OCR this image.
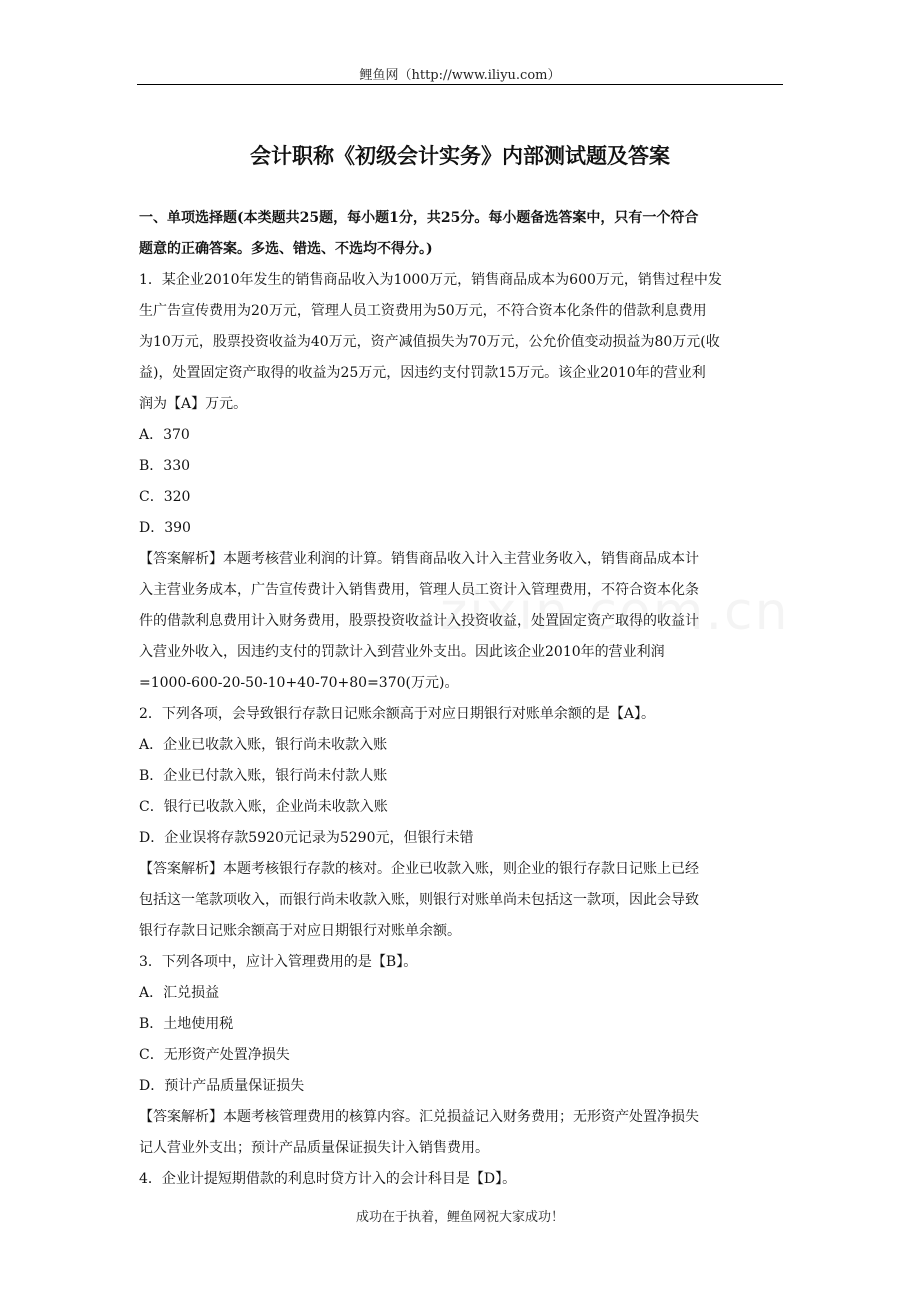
鲤鱼网（http://www.iliyu.com）
会计职称《初级会计实务》内部测试题及答案
一、单项选择题(本类题共25题，每小题1分，共25分。每小题备选答案中，只有一个符合
题意的正确答案。多选、错选、不选均不得分。)
1．某企业2010年发生的销售商品收入为1000万元，销售商品成本为600万元，销售过程中发
生广告宣传费用为20万元，管理人员工资费用为50万元，不符合资本化条件的借款利息费用
为10万元，股票投资收益为40万元，资产减值损失为70万元，公允价值变动损益为80万元(收
益)，处置固定资产取得的收益为25万元，因违约支付罚款15万元。该企业2010年的营业利
润为【A】万元。
A．370
B．330
C．320
D．390
【答案解析】本题考核营业利润的计算。销售商品收入计入主营业务收入，销售商品成本计
入主营业务成本，广告宣传费计入销售费用，管理人员工资计入管理费用，不符合资本化条
件的借款利息费用计入财务费用，股票投资收益计入投资收益，处置固定资产取得的收益计
入营业外收入，因违约支付的罚款计入到营业外支出。因此该企业2010年的营业利润
=1000-600-20-50-10+40-70+80=370(万元)。
2．下列各项，会导致银行存款日记账余额高于对应日期银行对账单余额的是【A】。
A．企业已收款入账，银行尚未收款入账
B．企业已付款入账，银行尚未付款人账
C．银行已收款入账，企业尚未收款入账
D．企业误将存款5920元记录为5290元，但银行未错
【答案解析】本题考核银行存款的核对。企业已收款入账，则企业的银行存款日记账上已经
包括这一笔款项收入，而银行尚未收款入账，则银行对账单尚未包括这一款项，因此会导致
银行存款日记账余额高于对应日期银行对账单余额。
3．下列各项中，应计入管理费用的是【B】。
A．汇兑损益
B．土地使用税
C．无形资产处置净损失
D．预计产品质量保证损失
【答案解析】本题考核管理费用的核算内容。汇兑损益记入财务费用；无形资产处置净损失
记人营业外支出；预计产品质量保证损失计入销售费用。
4．企业计提短期借款的利息时贷方计入的会计科目是【D】。
成功在于执着，鲤鱼网祝大家成功！
